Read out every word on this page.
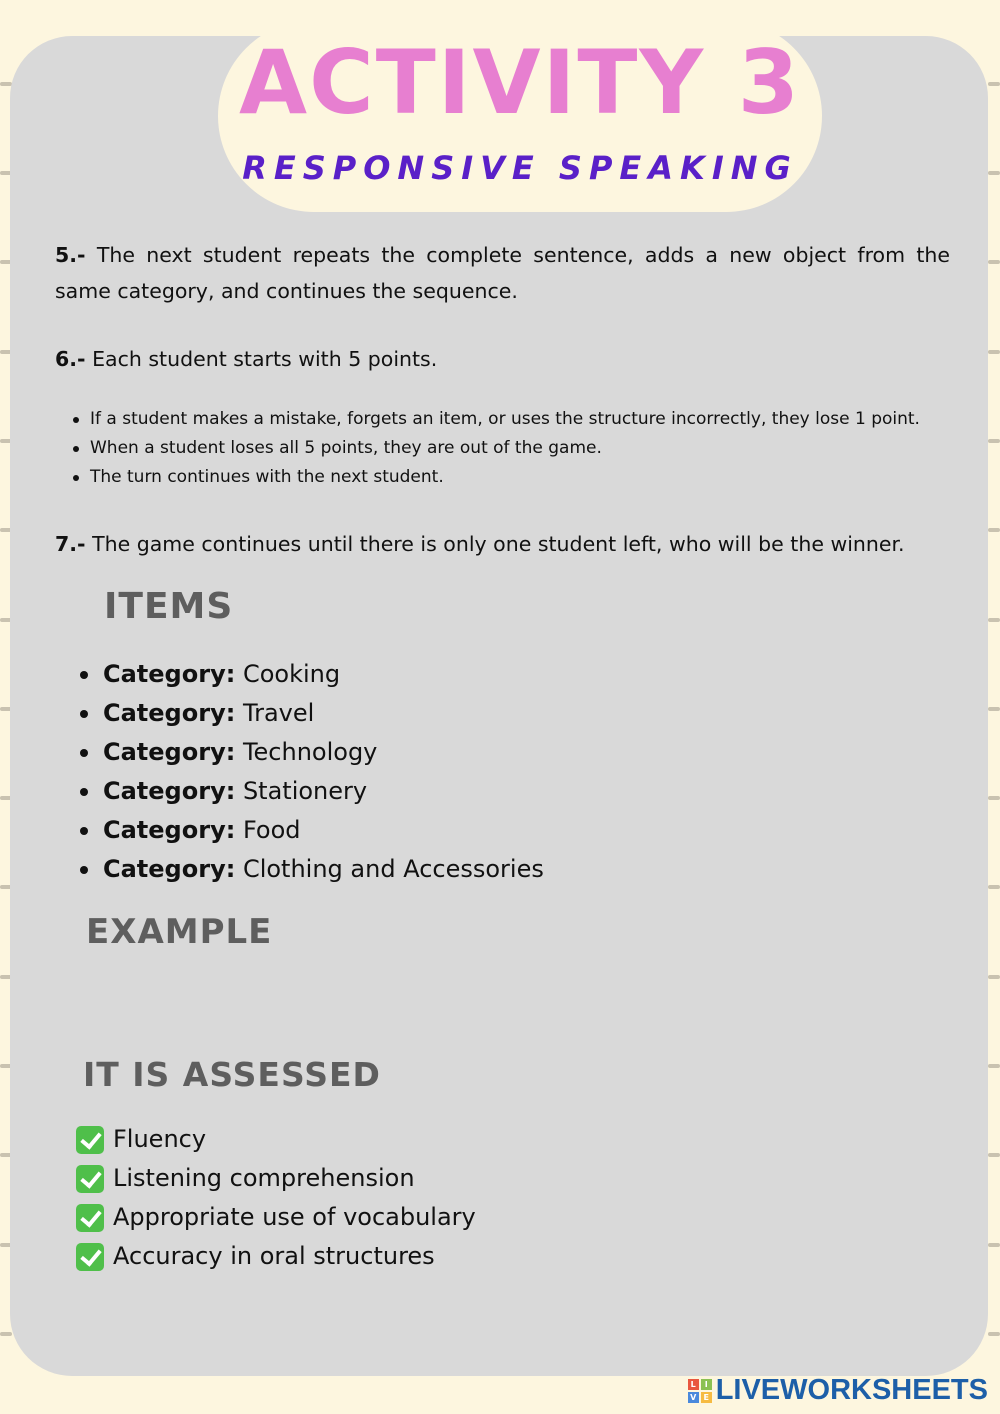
ACTIVITY 3
RESPONSIVE SPEAKING
5.- The next student repeats the complete sentence, adds a new object from the same category, and continues the sequence.
6.- Each student starts with 5 points.
If a student makes a mistake, forgets an item, or uses the structure incorrectly, they lose 1 point.
When a student loses all 5 points, they are out of the game.
The turn continues with the next student.
7.- The game continues until there is only one student left, who will be the winner.
ITEMS
Category: Cooking
Category: Travel
Category: Technology
Category: Stationery
Category: Food
Category: Clothing and Accessories
EXAMPLE
IT IS ASSESSED
Fluency
Listening comprehension
Appropriate use of vocabulary
Accuracy in oral structures
L	I
V E LIVEWORKSHEETS
